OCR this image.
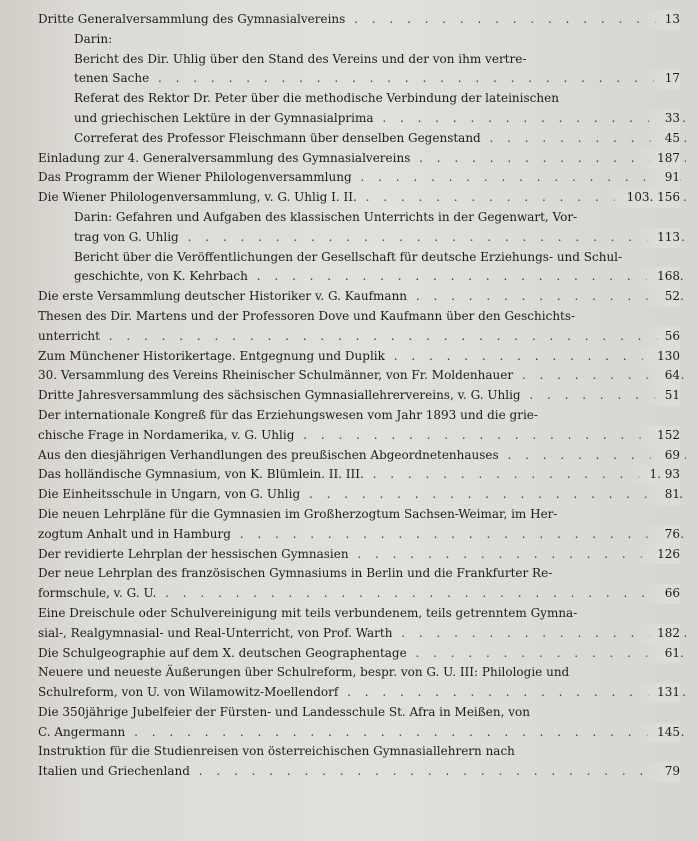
Dritte Generalversammlung des Gymnasialvereins . . .	13
Darin:
Bericht des Dir. Uhlig über den Stand des Vereins und der von ihm vertre-
tenen Sache . . .	17
Referat des Rektor Dr. Peter über die methodische Verbindung der lateinischen
und griechischen Lektüre in der Gymnasialprima . . .	33
Correferat des Professor Fleischmann über denselben Gegenstand . . .	45
Einladung zur 4. Generalversammlung des Gymnasialvereins . . .	187
Das Programm der Wiener Philologenversammlung . . .	91
Die Wiener Philologenversammlung, v. G. Uhlig I. II. . . .	103. 156
Darin: Gefahren und Aufgaben des klassischen Unterrichts in der Gegenwart, Vor-
trag von G. Uhlig . . .	113
Bericht über die Veröffentlichungen der Gesellschaft für deutsche Erziehungs- und Schul-
geschichte, von K. Kehrbach . . .	168
Die erste Versammlung deutscher Historiker v. G. Kaufmann . . .	52
Thesen des Dir. Martens und der Professoren Dove und Kaufmann über den Geschichts-
unterricht . . .	56
Zum Münchener Historikertage. Entgegnung und Duplik . . .	130
30. Versammlung des Vereins Rheinischer Schulmänner, von Fr. Moldenhauer . . .	64
Dritte Jahresversammlung des sächsischen Gymnasiallehrervereins, v. G. Uhlig . . .	51
Der internationale Kongreß für das Erziehungswesen vom Jahr 1893 und die grie-
chische Frage in Nordamerika, v. G. Uhlig . . .	152
Aus den diesjährigen Verhandlungen des preußischen Abgeordnetenhauses . . .	69
Das holländische Gymnasium, von K. Blümlein. II. III. . . .	1. 93
Die Einheitsschule in Ungarn, von G. Uhlig . . .	81
Die neuen Lehrpläne für die Gymnasien im Großherzogtum Sachsen-Weimar, im Her-
zogtum Anhalt und in Hamburg . . .	76
Der revidierte Lehrplan der hessischen Gymnasien . . .	126
Der neue Lehrplan des französischen Gymnasiums in Berlin und die Frankfurter Re-
formschule, v. G. U. . . .	66
Eine Dreischule oder Schulvereinigung mit teils verbundenem, teils getrenntem Gymna-
sial-, Realgymnasial- und Real-Unterricht, von Prof. Warth . . .	182
Die Schulgeographie auf dem X. deutschen Geographentage . . .	61
Neuere und neueste Äußerungen über Schulreform, bespr. von G. U. III: Philologie und
Schulreform, von U. von Wilamowitz-Moellendorf . . .	131
Die 350jährige Jubelfeier der Fürsten- und Landesschule St. Afra in Meißen, von
C. Angermann . . .	145
Instruktion für die Studienreisen von österreichischen Gymnasiallehrern nach
Italien und Griechenland . . .	79
